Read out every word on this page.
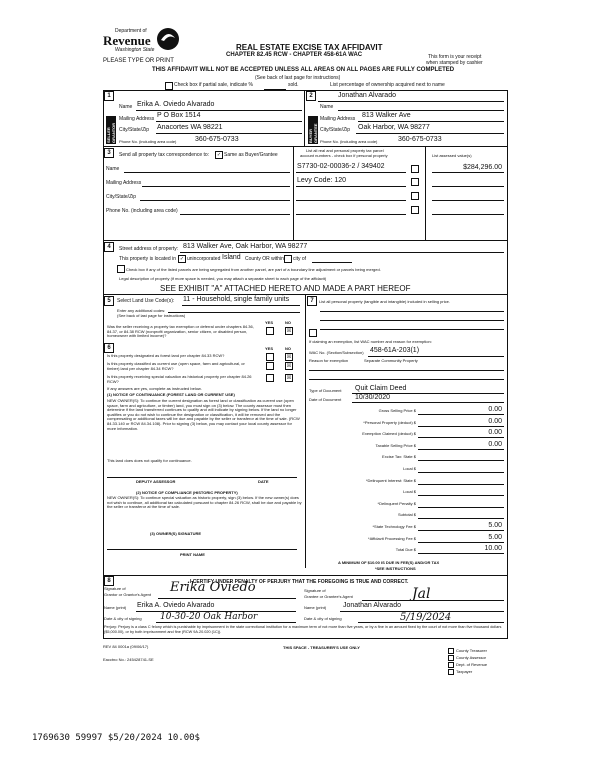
Department of
Revenue
Washington State
PLEASE TYPE OR PRINT
REAL ESTATE EXCISE TAX AFFIDAVIT
CHAPTER 82.45 RCW - CHAPTER 458-61A WAC	This form is your receipt
when stamped by cashier
THIS AFFIDAVIT WILL NOT BE ACCEPTED UNLESS ALL AREAS ON ALL PAGES ARE FULLY COMPLETED
(See back of last page for instructions)
Check box if partial sale, indicate %	sold.	List percentage of ownership acquired next to name
1
SELLER GRANTOR
Name Erika A. Oviedo Alvarado
Mailing Address P O Box 1514
City/State/Zip Anacortes WA 98221
Phone No. (including area code)	360-675-0733
2	Jonathan Alvarado
BUYER GRANTEE
Name
Mailing Address 813 Walker Ave
City/State/Zip Oak Harbor, WA 98277
Phone No. (including area code)	360-675-0733
3	Send all property tax correspondence to:	✓ Same as Buyer/Grantee
Name
Mailing Address
City/State/Zip
Phone No. (including area code)
List all real and personal property tax parcel
account numbers - check box if personal property	List assessed value(s)
S7730-02-00036-2 / 349402	$284,296.00
Levy Code: 120
4	Street address of property: 813 Walker Ave, Oak Harbor, WA 98277
This property is located in ✓ unincorporated Island County OR within city of
Check box if any of the listed parcels are being segregated from another parcel, are part of a boundary line adjustment or parcels being merged.
Legal description of property (if more space is needed, you may attach a separate sheet to each page of the affidavit)
SEE EXHIBIT "A" ATTACHED HERETO AND MADE A PART HEREOF
5	Select Land Use Code(s): 11 - Household, single family units
Enter any additional codes:
(See back of last page for instructions)
YES	NO
Was the seller receiving a property tax exemption or deferral under chapters 84.36, 84.37, or 84.38 RCW (nonprofit organization, senior citizen, or disabled person, homeowner with limited income)?
☒
6	YES	NO
Is this property designated as forest land per chapter 84.33 RCW?	☒
Is this property classified as current use (open space, farm and agricultural, or timber) land per chapter 84.34 RCW?	☒
Is this property receiving special valuation as historical property per chapter 84.26 RCW?
☒
If any answers are yes, complete as instructed below.
(1) NOTICE OF CONTINUANCE (FOREST LAND OR CURRENT USE)
NEW OWNER(S): To continue the current designation as forest land or classification as current use (open space, farm and agriculture, or timber) land, you must sign on (3) below. The county assessor must then determine if the land transferred continues to qualify and will indicate by signing below. If the land no longer qualifies or you do not wish to continue the designation or classification, it will be removed and the compensating or additional taxes will be due and payable by the seller or transferor at the time of sale. (RCW 84.33.140 or RCW 84.34.108). Prior to signing (3) below, you may contact your local county assessor for more information.
This land does does not qualify for continuance.
DEPUTY ASSESSOR	DATE
(2) NOTICE OF COMPLIANCE (HISTORIC PROPERTY)
NEW OWNER(S): To continue special valuation as historic property, sign (3) below. If the new owner(s) does not wish to continue, all additional tax calculated pursuant to chapter 84.26 RCW, shall be due and payable by the seller or transferor at the time of sale.
(3) OWNER(S) SIGNATURE
PRINT NAME
7	List all personal property (tangible and intangible) included in selling price.
If claiming an exemption, list WAC number and reason for exemption:
WAC No. (Section/Subsection) 458-61A-203(1)
Reason for exemption	Separate Community Property
Type of Document Quit Claim Deed
Date of Document 10/30/2020
Gross Selling Price $	0.00
*Personal Property (deduct) $	0.00
Exemption Claimed (deduct) $	0.00
Taxable Selling Price $	0.00
Excise Tax: State $
Local $
*Delinquent Interest: State $
Local $
*Delinquent Penalty $
Subtotal $
*State Technology Fee $	5.00
*Affidavit Processing Fee $	5.00
Total Due $	10.00
A MINIMUM OF $10.00 IS DUE IN FEE(S) AND/OR TAX
*SEE INSTRUCTIONS
8	I CERTIFY UNDER PENALTY OF PERJURY THAT THE FOREGOING IS TRUE AND CORRECT.
Signature of
Grantor or Grantor's Agent Erika Oviedo
Name (print) Erika A. Oviedo Alvarado
Date & city of signing 10-30-20 Oak Harbor
Signature of
Grantee or Grantee's Agent	Jal
Name (print) Jonathan Alvarado
Date & city of signing	5/19/2024
Perjury: Perjury is a class C felony which is punishable by imprisonment in the state correctional institution for a maximum term of not more than five years, or by a fine in an amount fixed by the court of not more than five thousand dollars ($5,000.00), or by both imprisonment and fine (RCW 9A.20.020 (1C)).
REV 84 0001a (09/06/17)	THIS SPACE - TREASURER'S USE ONLY
Eacctno No.: 245428741-SE
County Treasurer
County Assessor
Dept. of Revenue
Taxpayer
1769630 59997 $5/20/2024 10.00$
